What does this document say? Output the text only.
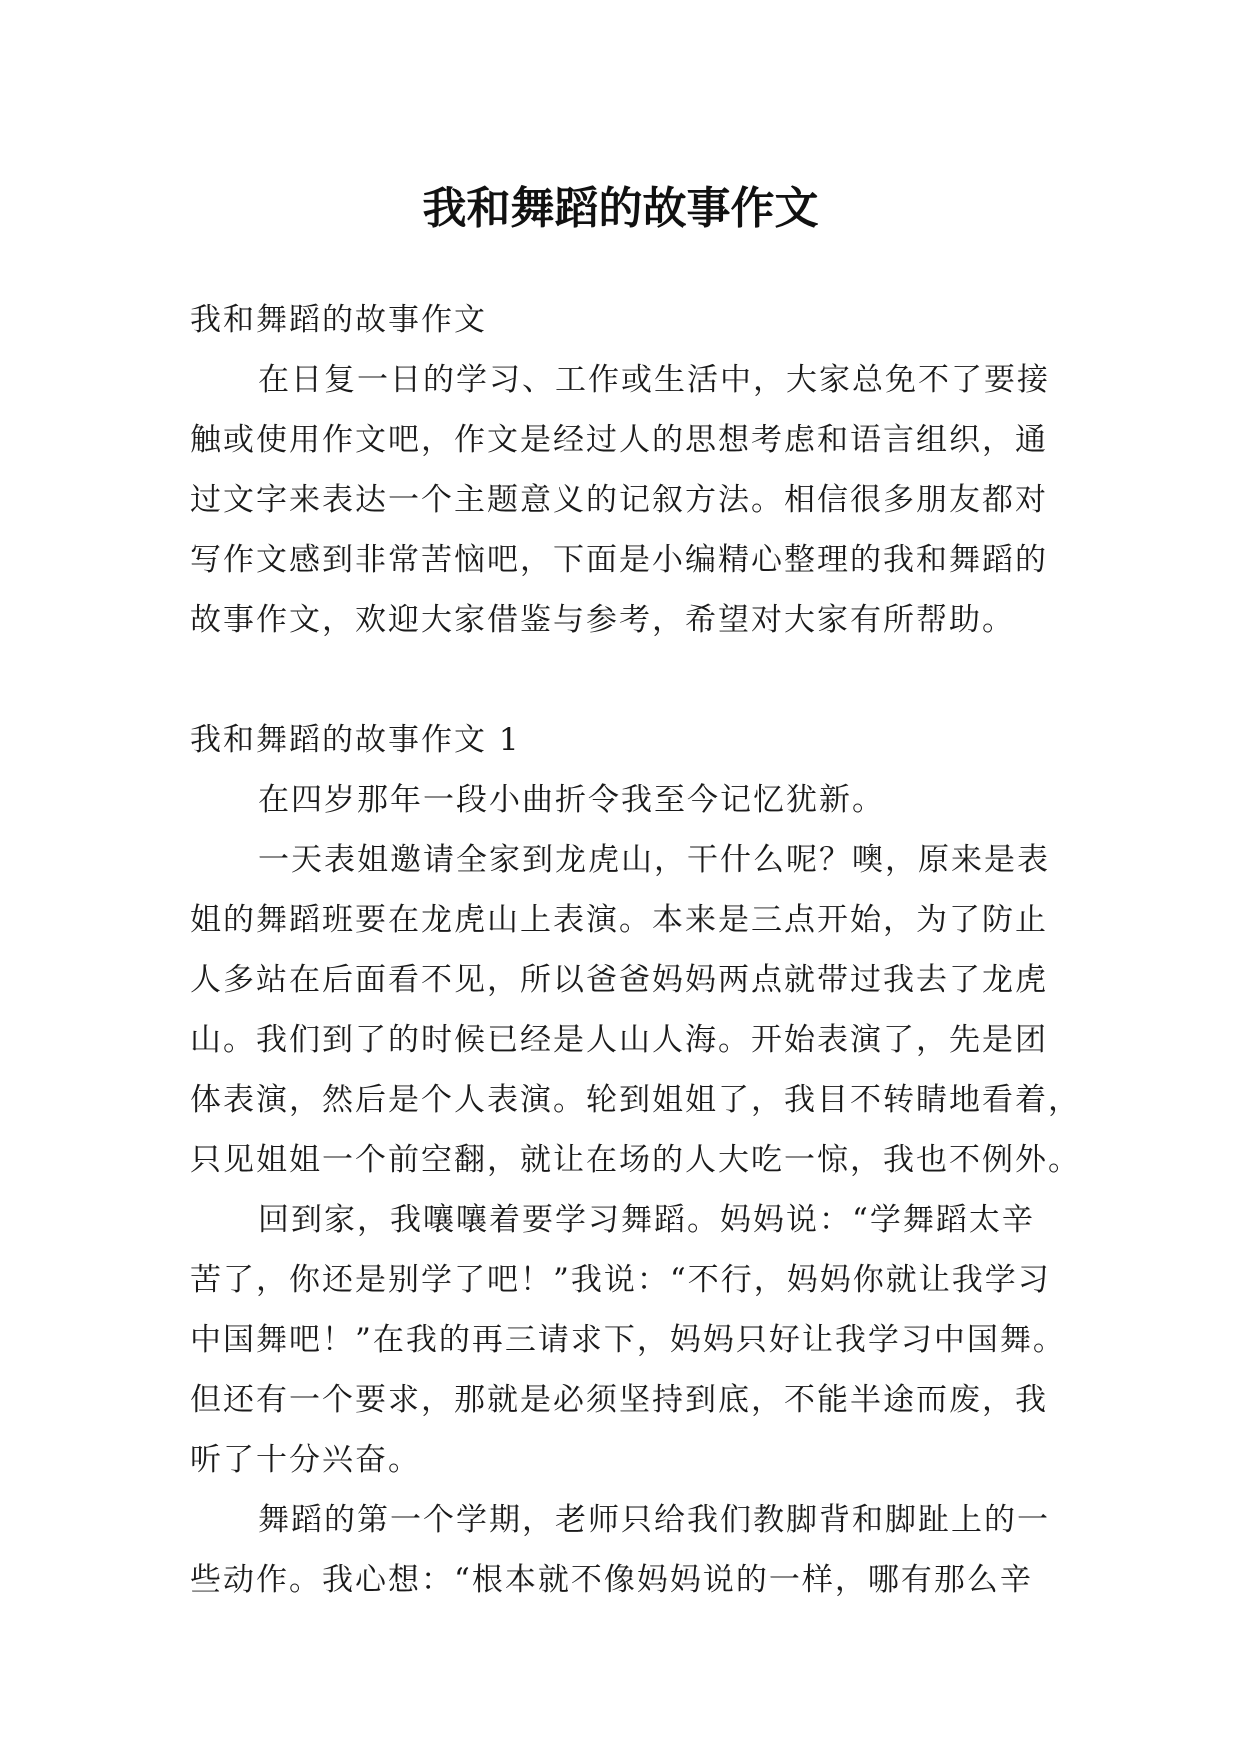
我和舞蹈的故事作文

我和舞蹈的故事作文

在日复一日的学习、工作或生活中，大家总免不了要接

触或使用作文吧，作文是经过人的思想考虑和语言组织，通

过文字来表达一个主题意义的记叙方法。相信很多朋友都对

写作文感到非常苦恼吧，下面是小编精心整理的我和舞蹈的

故事作文，欢迎大家借鉴与参考，希望对大家有所帮助。

我和舞蹈的故事作文 1

在四岁那年一段小曲折令我至今记忆犹新。

一天表姐邀请全家到龙虎山，干什么呢？噢，原来是表

姐的舞蹈班要在龙虎山上表演。本来是三点开始，为了防止

人多站在后面看不见，所以爸爸妈妈两点就带过我去了龙虎

山。我们到了的时候已经是人山人海。开始表演了，先是团

体表演，然后是个人表演。轮到姐姐了，我目不转睛地看着，

只见姐姐一个前空翻，就让在场的人大吃一惊，我也不例外。

回到家，我嚷嚷着要学习舞蹈。妈妈说：“学舞蹈太辛

苦了，你还是别学了吧！”我说：“不行，妈妈你就让我学习

中国舞吧！”在我的再三请求下，妈妈只好让我学习中国舞。

但还有一个要求，那就是必须坚持到底，不能半途而废，我

听了十分兴奋。

舞蹈的第一个学期，老师只给我们教脚背和脚趾上的一

些动作。我心想：“根本就不像妈妈说的一样，哪有那么辛
